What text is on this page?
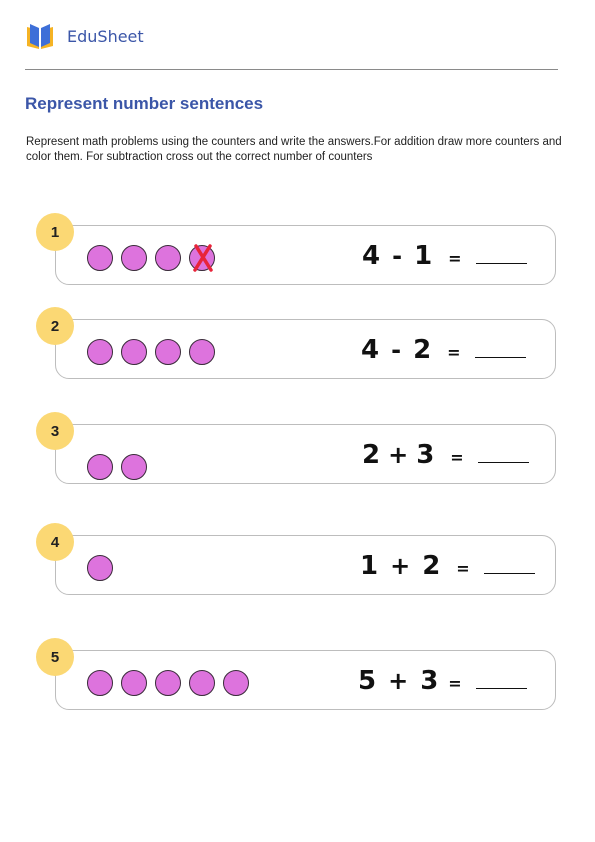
EduSheet
Represent number sentences

Represent math problems using the counters and write the answers.For addition draw more counters and color them. For subtraction cross out the correct number of counters

1
4 - 1 =
2
4 - 2 =
3
2 + 3 =
4
1 + 2 =
5
5 + 3 =
